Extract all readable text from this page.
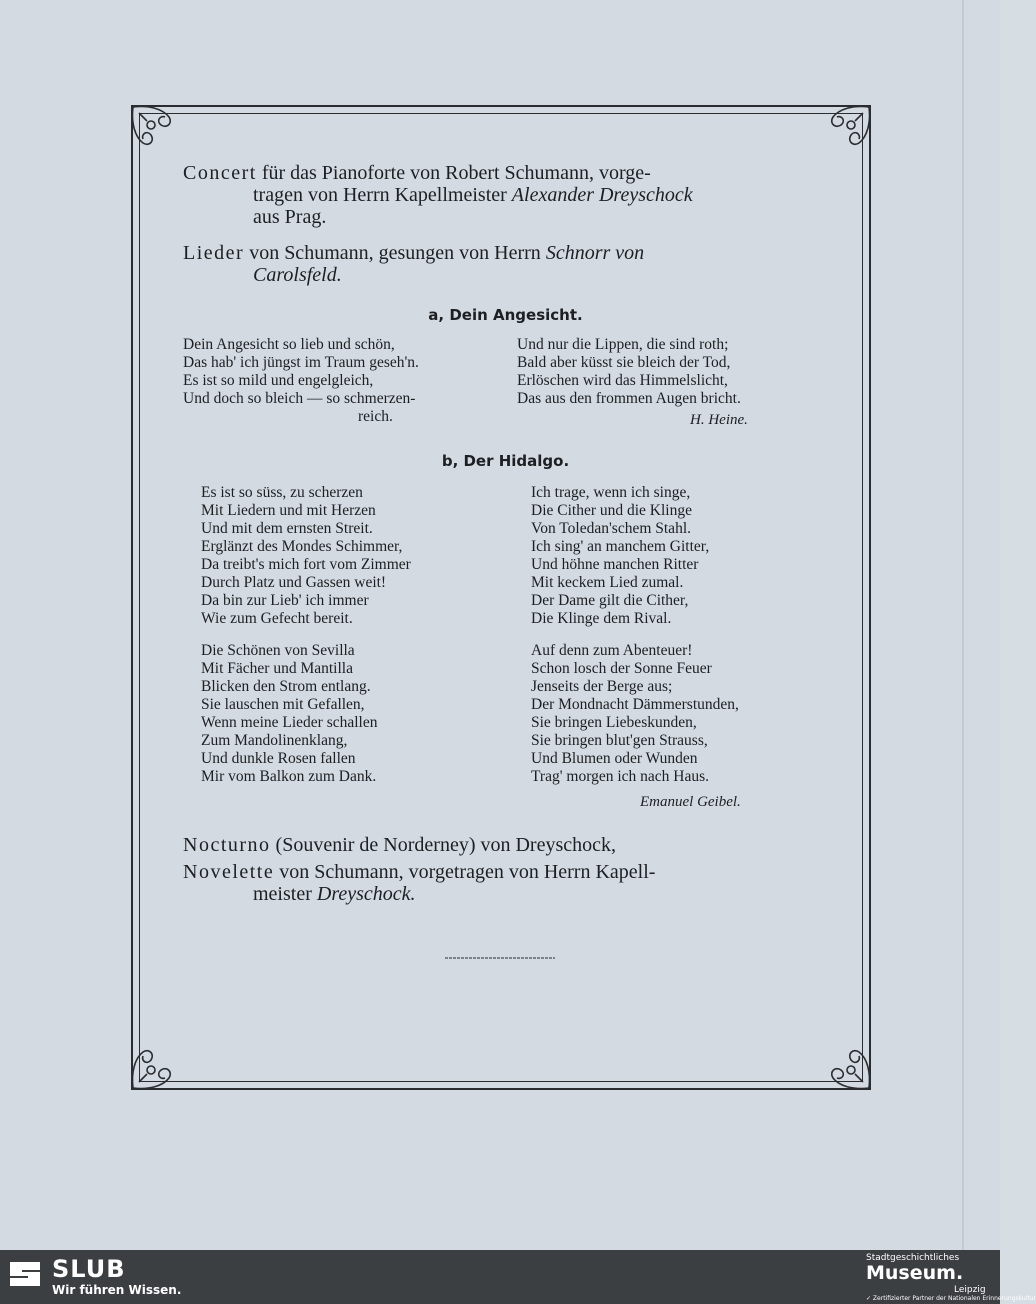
Concert für das Pianoforte von Robert Schumann, vorge-
tragen von Herrn Kapellmeister Alexander Dreyschock
aus Prag.
Lieder von Schumann, gesungen von Herrn Schnorr von
Carolsfeld.
a, Dein Angesicht.
Dein Angesicht so lieb und schön,
Das hab' ich jüngst im Traum geseh'n.
Es ist so mild und engelgleich,
Und doch so bleich — so schmerzen-
reich.
Und nur die Lippen, die sind roth;
Bald aber küsst sie bleich der Tod,
Erlöschen wird das Himmelslicht,
Das aus den frommen Augen bricht.
H. Heine.
b, Der Hidalgo.
Es ist so süss, zu scherzen
Mit Liedern und mit Herzen
Und mit dem ernsten Streit.
Erglänzt des Mondes Schimmer,
Da treibt's mich fort vom Zimmer
Durch Platz und Gassen weit!
Da bin zur Lieb' ich immer
Wie zum Gefecht bereit.
Ich trage, wenn ich singe,
Die Cither und die Klinge
Von Toledan'schem Stahl.
Ich sing' an manchem Gitter,
Und höhne manchen Ritter
Mit keckem Lied zumal.
Der Dame gilt die Cither,
Die Klinge dem Rival.
Die Schönen von Sevilla
Mit Fächer und Mantilla
Blicken den Strom entlang.
Sie lauschen mit Gefallen,
Wenn meine Lieder schallen
Zum Mandolinenklang,
Und dunkle Rosen fallen
Mir vom Balkon zum Dank.
Auf denn zum Abenteuer!
Schon losch der Sonne Feuer
Jenseits der Berge aus;
Der Mondnacht Dämmerstunden,
Sie bringen Liebeskunden,
Sie bringen blut'gen Strauss,
Und Blumen oder Wunden
Trag' morgen ich nach Haus.
Emanuel Geibel.
Nocturno (Souvenir de Norderney) von Dreyschock,
Novelette von Schumann, vorgetragen von Herrn Kapell-
meister Dreyschock.
SLUB
Wir führen Wissen.
Stadtgeschichtliches
Museum.
Leipzig
✓ Zertifizierter Partner der Nationalen Erinnerungskultur
